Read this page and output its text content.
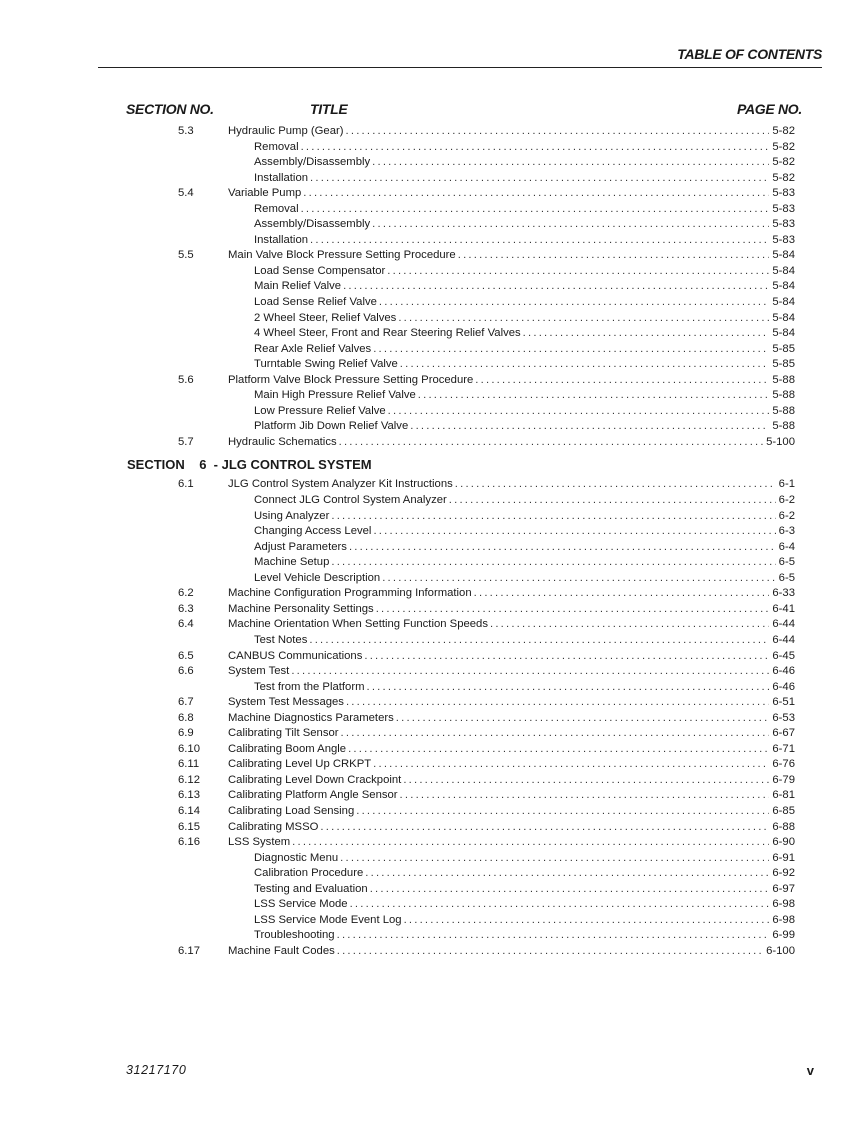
TABLE OF CONTENTS
SECTION NO.	TITLE	PAGE NO.
5.3	Hydraulic Pump (Gear) .....	5-82
Removal .....	5-82
Assembly/Disassembly .....	5-82
Installation .....	5-82
5.4	Variable Pump .....	5-83
Removal .....	5-83
Assembly/Disassembly .....	5-83
Installation .....	5-83
5.5	Main Valve Block Pressure Setting Procedure .....	5-84
Load Sense Compensator .....	5-84
Main Relief Valve .....	5-84
Load Sense Relief Valve .....	5-84
2 Wheel Steer, Relief Valves .....	5-84
4 Wheel Steer, Front and Rear Steering Relief Valves .....	5-84
Rear Axle Relief Valves .....	5-85
Turntable Swing Relief Valve .....	5-85
5.6	Platform Valve Block Pressure Setting Procedure .....	5-88
Main High Pressure Relief Valve .....	5-88
Low Pressure Relief Valve .....	5-88
Platform Jib Down Relief Valve .....	5-88
5.7	Hydraulic Schematics .....	5-100
SECTION    6  - JLG CONTROL SYSTEM
6.1	JLG Control System Analyzer Kit Instructions .....	6-1
Connect JLG Control System Analyzer .....	6-2
Using Analyzer .....	6-2
Changing Access Level .....	6-3
Adjust Parameters .....	6-4
Machine Setup .....	6-5
Level Vehicle Description .....	6-5
6.2	Machine Configuration Programming Information .....	6-33
6.3	Machine Personality Settings .....	6-41
6.4	Machine Orientation When Setting Function Speeds .....	6-44
Test Notes .....	6-44
6.5	CANBUS Communications .....	6-45
6.6	System Test .....	6-46
Test from the Platform .....	6-46
6.7	System Test Messages .....	6-51
6.8	Machine Diagnostics Parameters .....	6-53
6.9	Calibrating Tilt Sensor .....	6-67
6.10 Calibrating Boom Angle .....	6-71
6.11	Calibrating Level Up CRKPT .....	6-76
6.12 Calibrating Level Down Crackpoint .....	6-79
6.13 Calibrating Platform Angle Sensor .....	6-81
6.14 Calibrating Load Sensing .....	6-85
6.15 Calibrating MSSO .....	6-88
6.16 LSS System .....	6-90
Diagnostic Menu .....	6-91
Calibration Procedure .....	6-92
Testing and Evaluation .....	6-97
LSS Service Mode .....	6-98
LSS Service Mode Event Log .....	6-98
Troubleshooting .....	6-99
6.17 Machine Fault Codes .....	6-100
31217170	v
